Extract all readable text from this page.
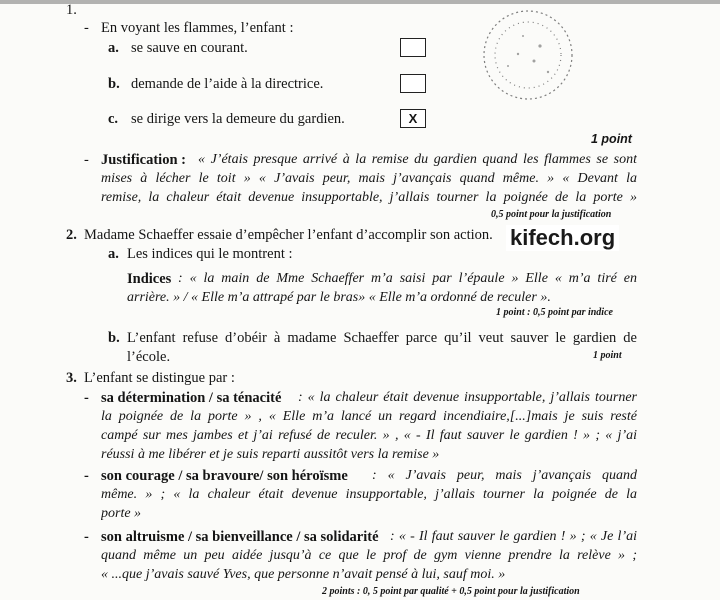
1.
- En voyant les flammes, l’enfant :
a. se sauve en courant.
b. demande de l’aide à la directrice.
c. se dirige vers la demeure du gardien.	X
1 point
- Justification : « J’étais presque arrivé à la remise du gardien quand les flammes se sont
mises à lécher le toit » « J’avais peur, mais j’avançais quand même. » « Devant la
remise, la chaleur était devenue insupportable, j’allais tourner la poignée de la porte »
0,5 point pour la justification
2. Madame Schaeffer essaie d’empêcher l’enfant d’accomplir son action. kifech.org
a. Les indices qui le montrent :
Indices : « la main de Mme Schaeffer m’a saisi par l’épaule » Elle « m’a tiré en
arrière. » / « Elle m’a attrapé par le bras» « Elle m’a ordonné de reculer ».
1 point : 0,5 point par indice
b. L’enfant refuse d’obéir à madame Schaeffer parce qu’il veut sauver le gardien de
l’école.	1 point
3. L’enfant se distingue par :
- sa détermination / sa ténacité : « la chaleur était devenue insupportable, j’allais tourner
la poignée de la porte » , « Elle m’a lancé un regard incendiaire,[...]mais je suis resté
campé sur mes jambes et j’ai refusé de reculer. » , « - Il faut sauver le gardien ! » ; « j’ai
réussi à me libérer et je suis reparti aussitôt vers la remise »
- son courage / sa bravoure/ son héroïsme : « J’avais peur, mais j’avançais quand
même. » ; « la chaleur était devenue insupportable, j’allais tourner la poignée de la
porte »
- son altruisme / sa bienveillance / sa solidarité : « - Il faut sauver le gardien ! » ; « Je l’ai
quand même un peu aidée jusqu’à ce que le prof de gym vienne prendre la relève » ;
« ...que j’avais sauvé Yves, que personne n’avait pensé à lui, sauf moi. »
2 points : 0, 5 point par qualité + 0,5 point pour la justification
